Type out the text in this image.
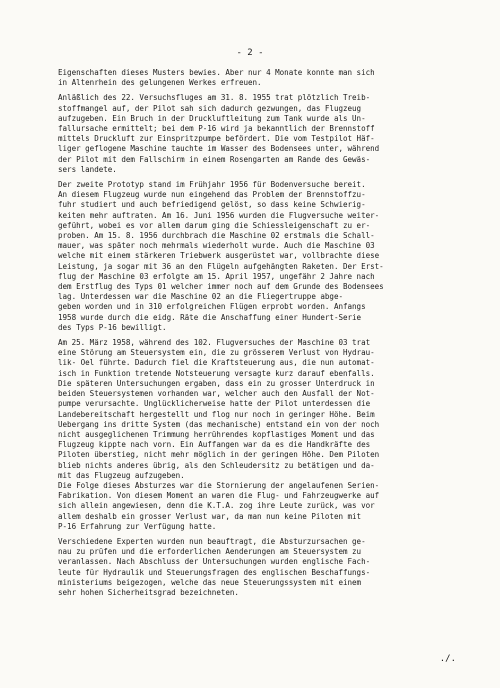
- 2 -
Eigenschaften dieses Musters bewies. Aber nur 4 Monate konnte man sich
in Altenrhein des gelungenen Werkes erfreuen.
Anläßlich des 22. Versuchsfluges am 31. 8. 1955 trat plötzlich Treib-
stoffmangel auf, der Pilot sah sich dadurch gezwungen, das Flugzeug
aufzugeben. Ein Bruch in der Druckluftleitung zum Tank wurde als Un-
fallursache ermittelt; bei dem P-16 wird ja bekanntlich der Brennstoff
mittels Druckluft zur Einspritzpumpe befördert. Die vom Testpilot Häf-
liger geflogene Maschine tauchte im Wasser des Bodensees unter, während
der Pilot mit dem Fallschirm in einem Rosengarten am Rande des Gewäs-
sers landete.
Der zweite Prototyp stand im Frühjahr 1956 für Bodenversuche bereit.
An diesem Flugzeug wurde nun eingehend das Problem der Brennstoffzu-
fuhr studiert und auch befriedigend gelöst, so dass keine Schwierig-
keiten mehr auftraten. Am 16. Juni 1956 wurden die Flugversuche weiter-
geführt, wobei es vor allem darum ging die Schiessleigenschaft zu er-
proben. Am 15. 8. 1956 durchbrach die Maschine 02 erstmals die Schall-
mauer, was später noch mehrmals wiederholt wurde. Auch die Maschine 03
welche mit einem stärkeren Triebwerk ausgerüstet war, vollbrachte diese
Leistung, ja sogar mit 36 an den Flügeln aufgehängten Raketen. Der Erst-
flug der Maschine 03 erfolgte am 15. April 1957, ungefähr 2 Jahre nach
dem Erstflug des Typs 01 welcher immer noch auf dem Grunde des Bodensees
lag. Unterdessen war die Maschine 02 an die Fliegertruppe abge-
geben worden und in 310 erfolgreichen Flügen erprobt worden. Anfangs
1958 wurde durch die eidg. Räte die Anschaffung einer Hundert-Serie
des Typs P-16 bewilligt.
Am 25. März 1958, während des 102. Flugversuches der Maschine 03 trat
eine Störung am Steuersystem ein, die zu grösserem Verlust von Hydrau-
lik- Oel führte. Dadurch fiel die Kraftsteuerung aus, die nun automat-
isch in Funktion tretende Notsteuerung versagte kurz darauf ebenfalls.
Die späteren Untersuchungen ergaben, dass ein zu grosser Unterdruck in
beiden Steuersystemen vorhanden war, welcher auch den Ausfall der Not-
pumpe verursachte. Unglücklicherweise hatte der Pilot unterdessen die
Landebereitschaft hergestellt und flog nur noch in geringer Höhe. Beim
Uebergang ins dritte System (das mechanische) entstand ein von der noch
nicht ausgeglichenen Trimmung herrührendes kopflastiges Moment und das
Flugzeug kippte nach vorn. Ein Auffangen war da es die Handkräfte des
Piloten überstieg, nicht mehr möglich in der geringen Höhe. Dem Piloten
blieb nichts anderes übrig, als den Schleudersitz zu betätigen und da-
mit das Flugzeug aufzugeben.
Die Folge dieses Absturzes war die Stornierung der angelaufenen Serien-
Fabrikation. Von diesem Moment an waren die Flug- und Fahrzeugwerke auf
sich allein angewiesen, denn die K.T.A. zog ihre Leute zurück, was vor
allem deshalb ein grosser Verlust war, da man nun keine Piloten mit
P-16 Erfahrung zur Verfügung hatte.
Verschiedene Experten wurden nun beauftragt, die Absturzursachen ge-
nau zu prüfen und die erforderlichen Aenderungen am Steuersystem zu
veranlassen. Nach Abschluss der Untersuchungen wurden englische Fach-
leute für Hydraulik und Steuerungsfragen des englischen Beschaffungs-
ministeriums beigezogen, welche das neue Steuerungssystem mit einem
sehr hohen Sicherheitsgrad bezeichneten.
./.
